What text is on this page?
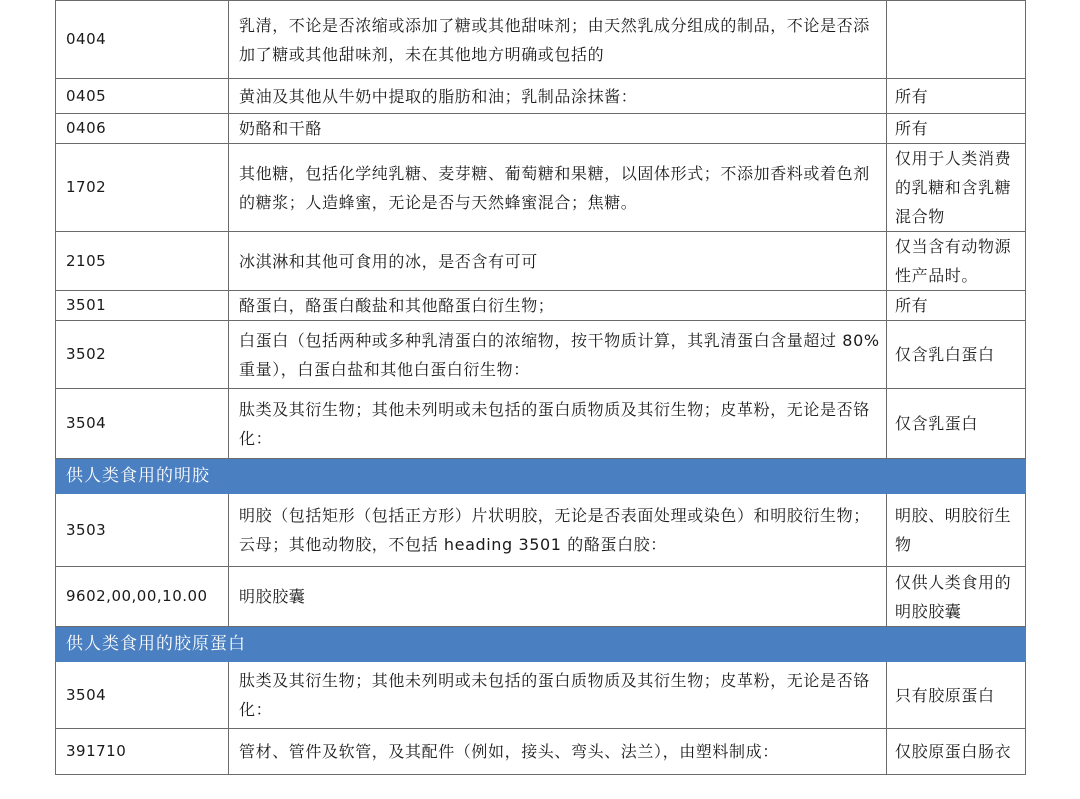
0404	乳清，不论是否浓缩或添加了糖或其他甜味剂；由天然乳成分组成的制品，不论是否添加了糖或其他甜味剂，未在其他地方明确或包括的	
0405	黄油及其他从牛奶中提取的脂肪和油；乳制品涂抹酱：	所有
0406	奶酪和干酪	所有
1702	其他糖，包括化学纯乳糖、麦芽糖、葡萄糖和果糖，以固体形式；不添加香料或着色剂的糖浆；人造蜂蜜，无论是否与天然蜂蜜混合；焦糖。	仅用于人类消费的乳糖和含乳糖混合物
2105	冰淇淋和其他可食用的冰，是否含有可可	仅当含有动物源性产品时。
3501	酪蛋白，酪蛋白酸盐和其他酪蛋白衍生物；	所有
3502	白蛋白（包括两种或多种乳清蛋白的浓缩物，按干物质计算，其乳清蛋白含量超过 80%重量），白蛋白盐和其他白蛋白衍生物：	仅含乳白蛋白
3504	肽类及其衍生物；其他未列明或未包括的蛋白质物质及其衍生物；皮革粉，无论是否铬化：	仅含乳蛋白
供人类食用的明胶		
3503	明胶（包括矩形（包括正方形）片状明胶，无论是否表面处理或染色）和明胶衍生物；云母；其他动物胶，不包括 heading 3501 的酪蛋白胶：	明胶、明胶衍生物
9602,00,00,10.00	明胶胶囊	仅供人类食用的明胶胶囊
供人类食用的胶原蛋白		
3504	肽类及其衍生物；其他未列明或未包括的蛋白质物质及其衍生物；皮革粉，无论是否铬化：	只有胶原蛋白
391710	管材、管件及软管，及其配件（例如，接头、弯头、法兰），由塑料制成：	仅胶原蛋白肠衣
